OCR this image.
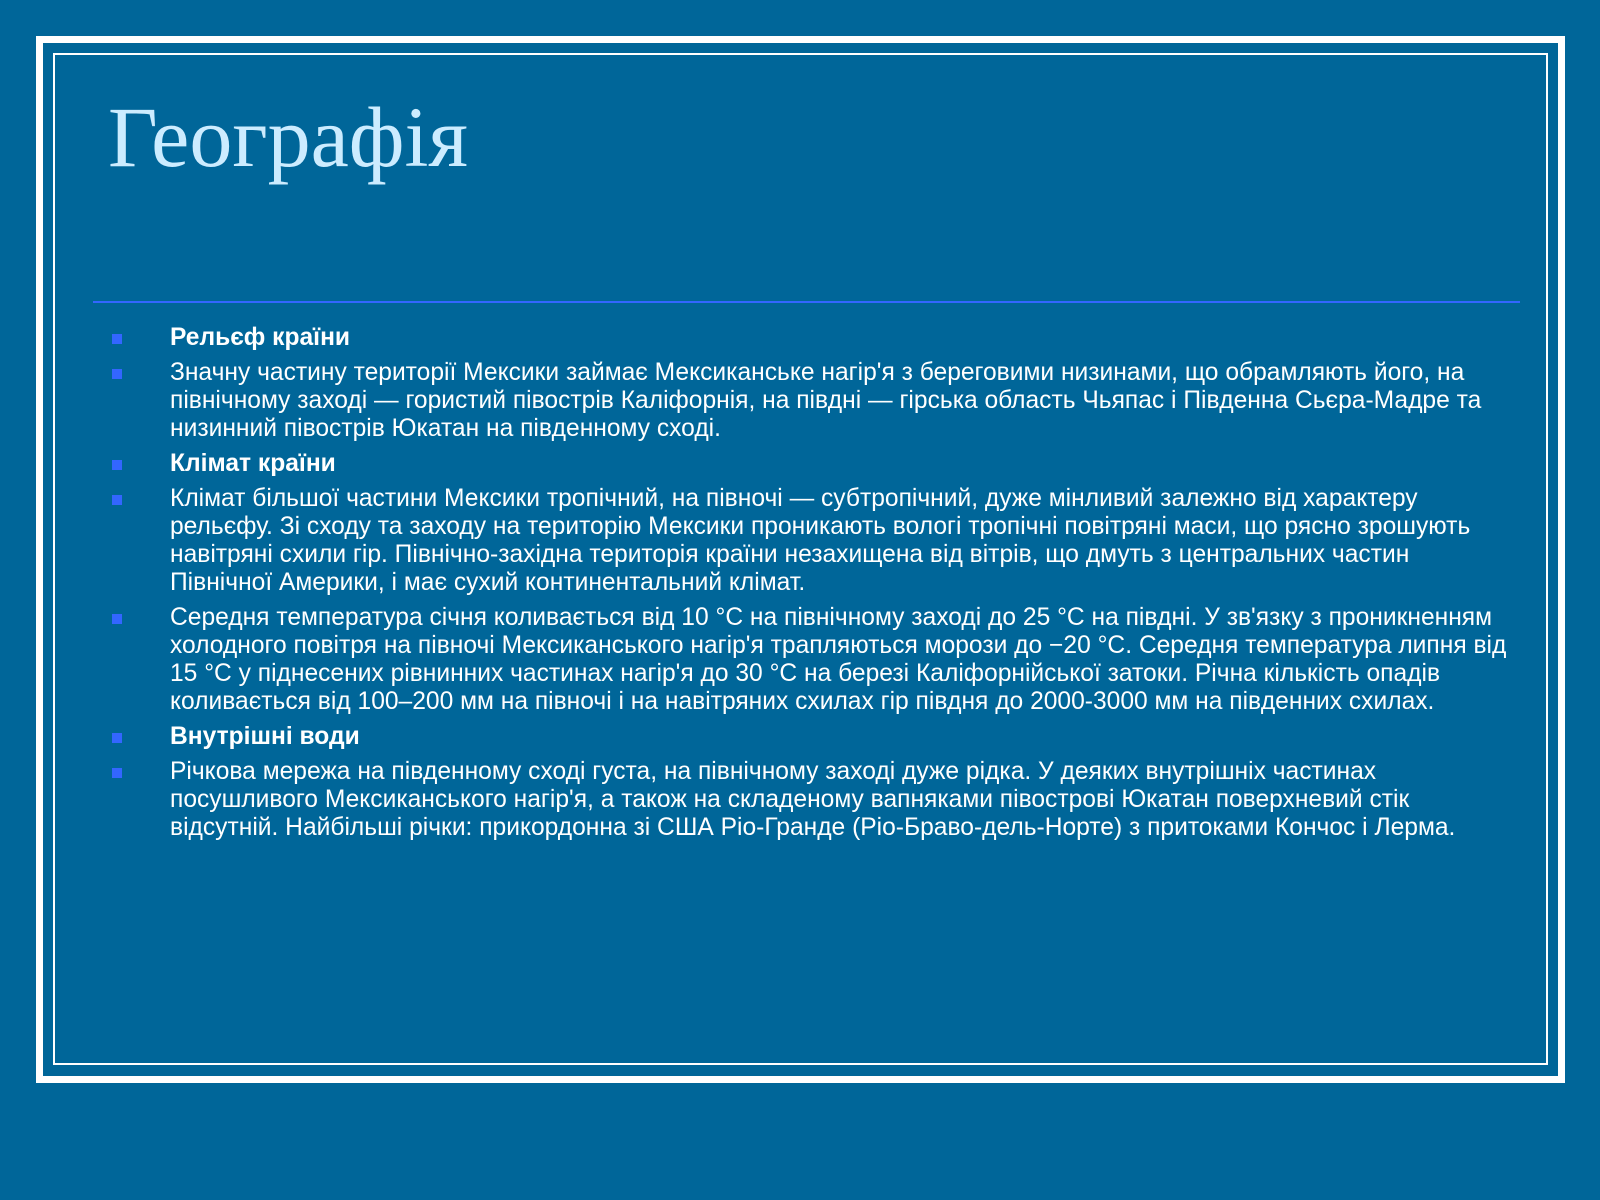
Географія
Рельєф країни
Значну частину території Мексики займає Мексиканське нагір'я з береговими низинами, що обрамляють його, на північному заході — гористий півострів Каліфорнія, на півдні — гірська область Чьяпас і Південна Сьєра-Мадре та низинний півострів Юкатан на південному сході.
Клімат країни
Клімат більшої частини Мексики тропічний, на півночі — субтропічний, дуже мінливий залежно від характеру рельєфу. Зі сходу та заходу на територію Мексики проникають вологі тропічні повітряні маси, що рясно зрошують навітряні схили гір. Північно-західна територія країни незахищена від вітрів, що дмуть з центральних частин Північної Америки, і має сухий континентальний клімат.
Середня температура січня коливається від 10 °C на північному заході до 25 °C на півдні. У зв'язку з проникненням холодного повітря на півночі Мексиканського нагір'я трапляються морози до −20 °C. Середня температура липня від 15 °C у піднесених рівнинних частинах нагір'я до 30 °C на березі Каліфорнійської затоки. Річна кількість опадів коливається від 100–200 мм на півночі і на навітряних схилах гір півдня до 2000-3000 мм на південних схилах.
Внутрішні води
Річкова мережа на південному сході густа, на північному заході дуже рідка. У деяких внутрішніх частинах посушливого Мексиканського нагір'я, а також на складеному вапняками півострові Юкатан поверхневий стік відсутній. Найбільші річки: прикордонна зі США Ріо-Гранде (Ріо-Браво-дель-Норте) з притоками Кончос і Лерма.
